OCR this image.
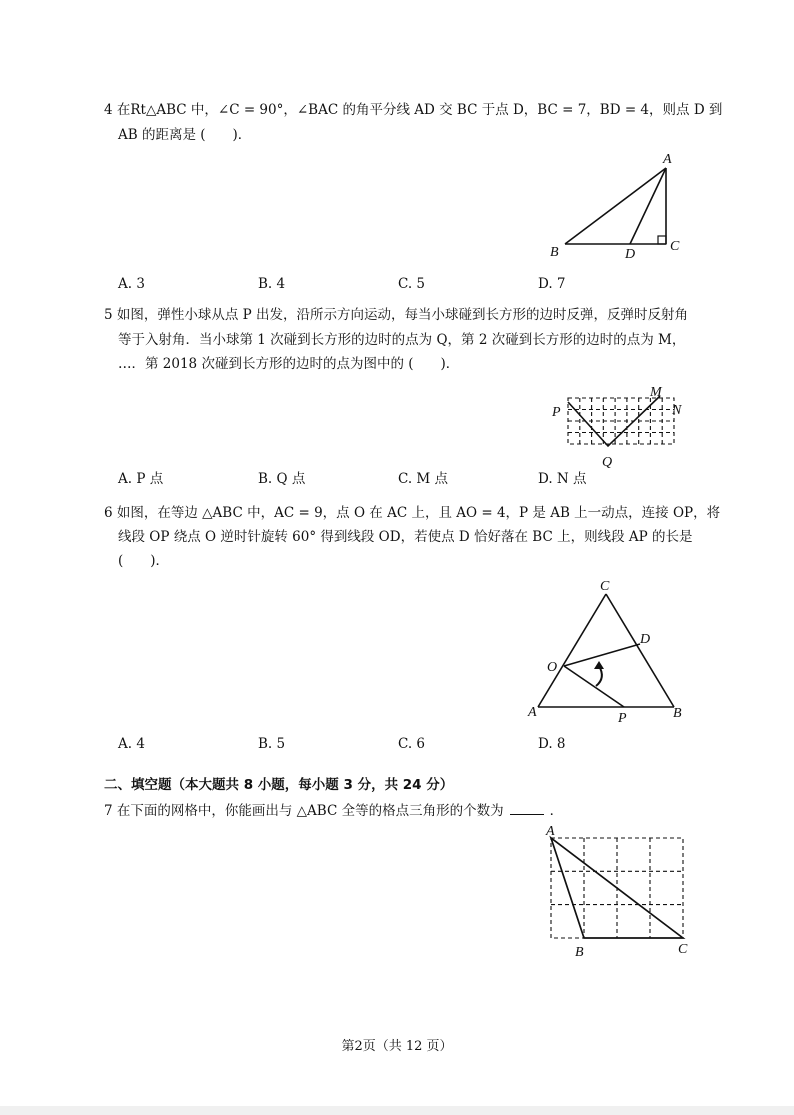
4 在Rt△ABC 中，∠C = 90°，∠BAC 的角平分线 AD 交 BC 于点 D，BC = 7，BD = 4，则点 D 到
AB 的距离是 (　　)．
A
B	C
D
A. 3	B. 4	C. 5	D. 7
5 如图，弹性小球从点 P 出发，沿所示方向运动，每当小球碰到长方形的边时反弹，反弹时反射角
等于入射角．当小球第 1 次碰到长方形的边时的点为 Q，第 2 次碰到长方形的边时的点为 M，
…．第 2018 次碰到长方形的边时的点为图中的 (　　)．
P
Q
M
N
A. P 点	B. Q 点	C. M 点	D. N 点
6 如图，在等边 △ABC 中，AC = 9，点 O 在 AC 上，且 AO = 4，P 是 AB 上一动点，连接 OP，将
线段 OP 绕点 O 逆时针旋转 60° 得到线段 OD，若使点 D 恰好落在 BC 上，则线段 AP 的长是
(　　)．
C
D
O
A	P	B
A. 4	B. 5	C. 6	D. 8
二、填空题（本大题共 8 小题，每小题 3 分，共 24 分）
7 在下面的网格中，你能画出与 △ABC 全等的格点三角形的个数为	．
A
B	C
第2页（共 12 页）
